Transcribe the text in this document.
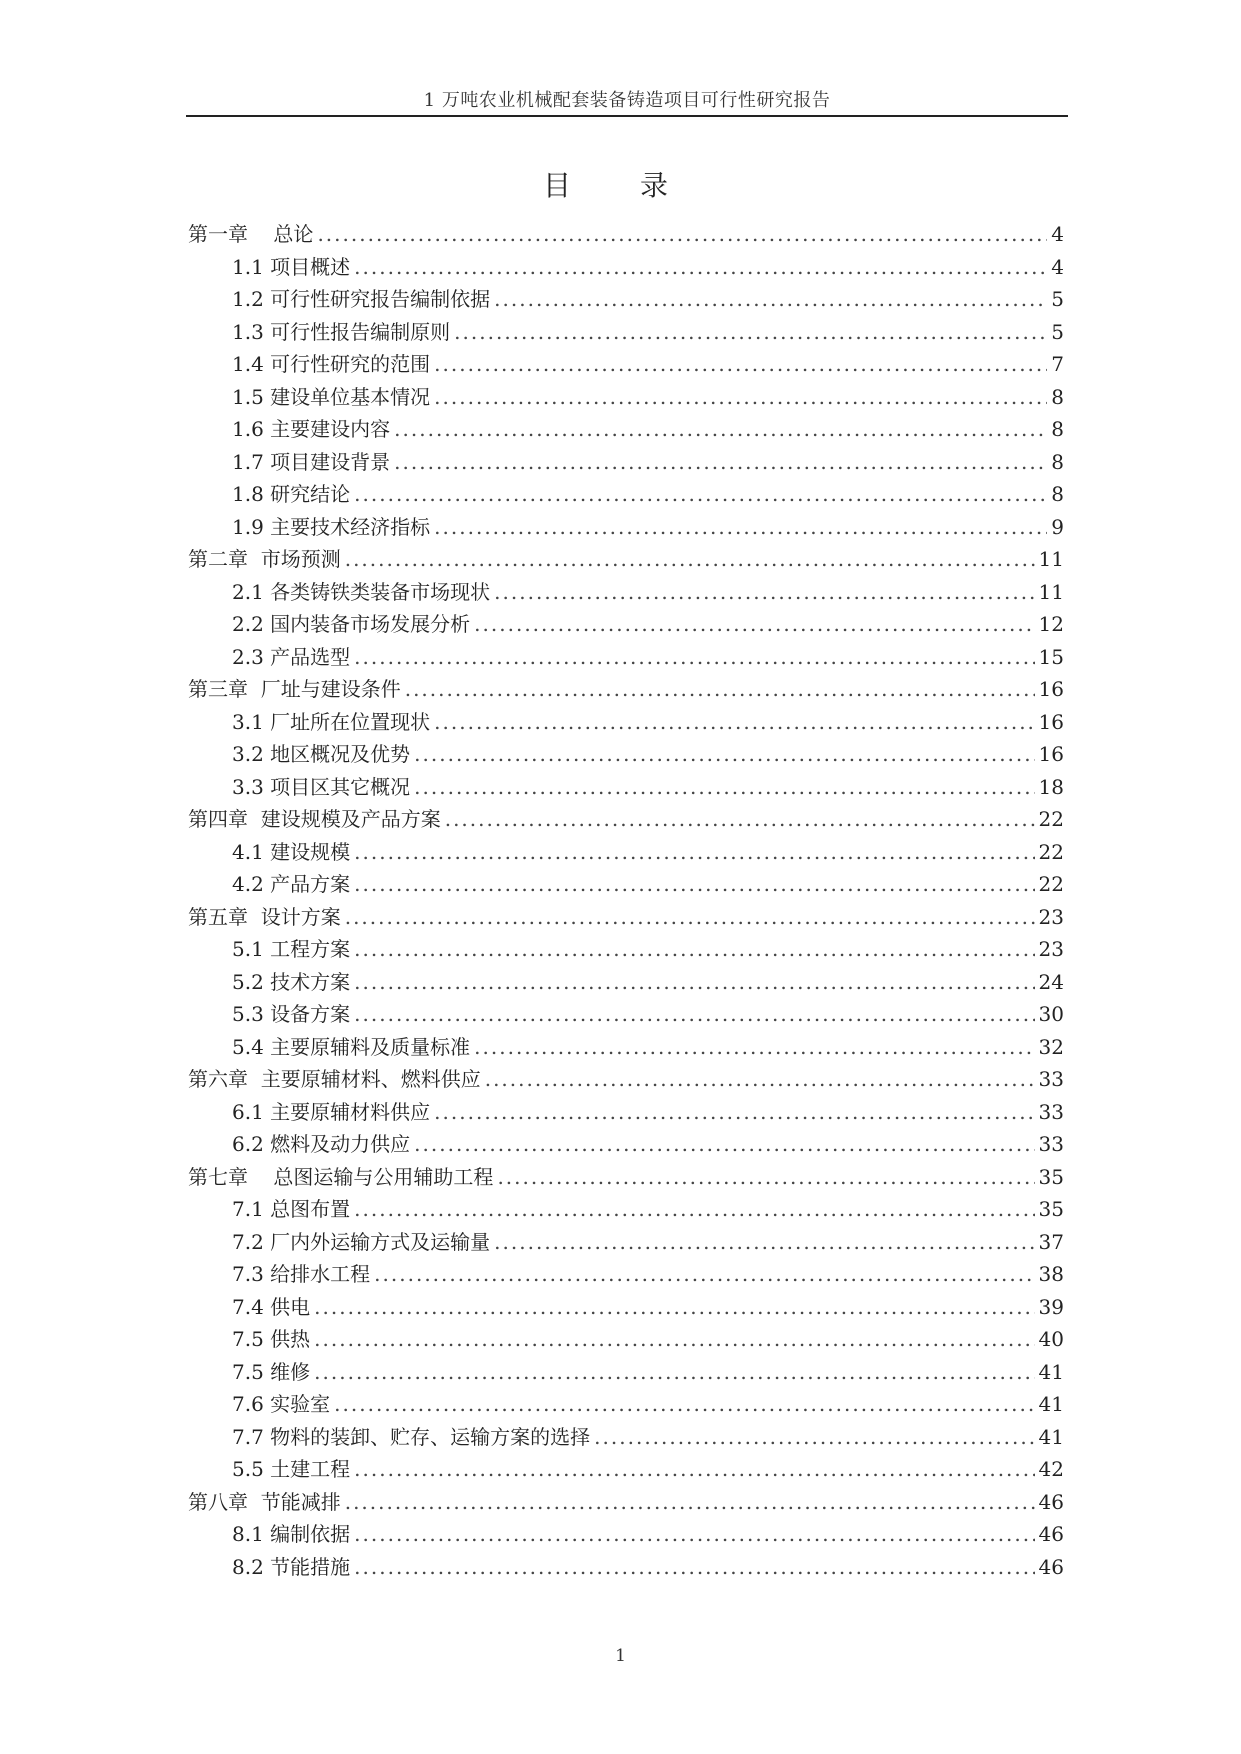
1 万吨农业机械配套装备铸造项目可行性研究报告
目 录
第一章    总论 .....	4
1.1 项目概述 .....	4
1.2 可行性研究报告编制依据 .....	5
1.3 可行性报告编制原则 .....	5
1.4 可行性研究的范围 .....	7
1.5 建设单位基本情况 .....	8
1.6 主要建设内容 .....	8
1.7 项目建设背景 .....	8
1.8 研究结论 .....	8
1.9 主要技术经济指标 .....	9
第二章  市场预测 .....	11
2.1 各类铸铁类装备市场现状 .....	11
2.2 国内装备市场发展分析 .....	12
2.3 产品选型 .....	15
第三章  厂址与建设条件 .....	16
3.1 厂址所在位置现状 .....	16
3.2 地区概况及优势 .....	16
3.3 项目区其它概况 .....	18
第四章  建设规模及产品方案 .....	22
4.1 建设规模 .....	22
4.2 产品方案 .....	22
第五章  设计方案 .....	23
5.1 工程方案 .....	23
5.2 技术方案 .....	24
5.3 设备方案 .....	30
5.4 主要原辅料及质量标准 .....	32
第六章  主要原辅材料、燃料供应 .....	33
6.1 主要原辅材料供应 .....	33
6.2 燃料及动力供应 .....	33
第七章    总图运输与公用辅助工程 .....	35
7.1 总图布置 .....	35
7.2 厂内外运输方式及运输量 .....	37
7.3 给排水工程 .....	38
7.4 供电 .....	39
7.5 供热 .....	40
7.5 维修 .....	41
7.6 实验室 .....	41
7.7 物料的装卸、贮存、运输方案的选择 .....	41
5.5 土建工程 .....	42
第八章  节能减排 .....	46
8.1 编制依据 .....	46
8.2 节能措施 .....	46
1
